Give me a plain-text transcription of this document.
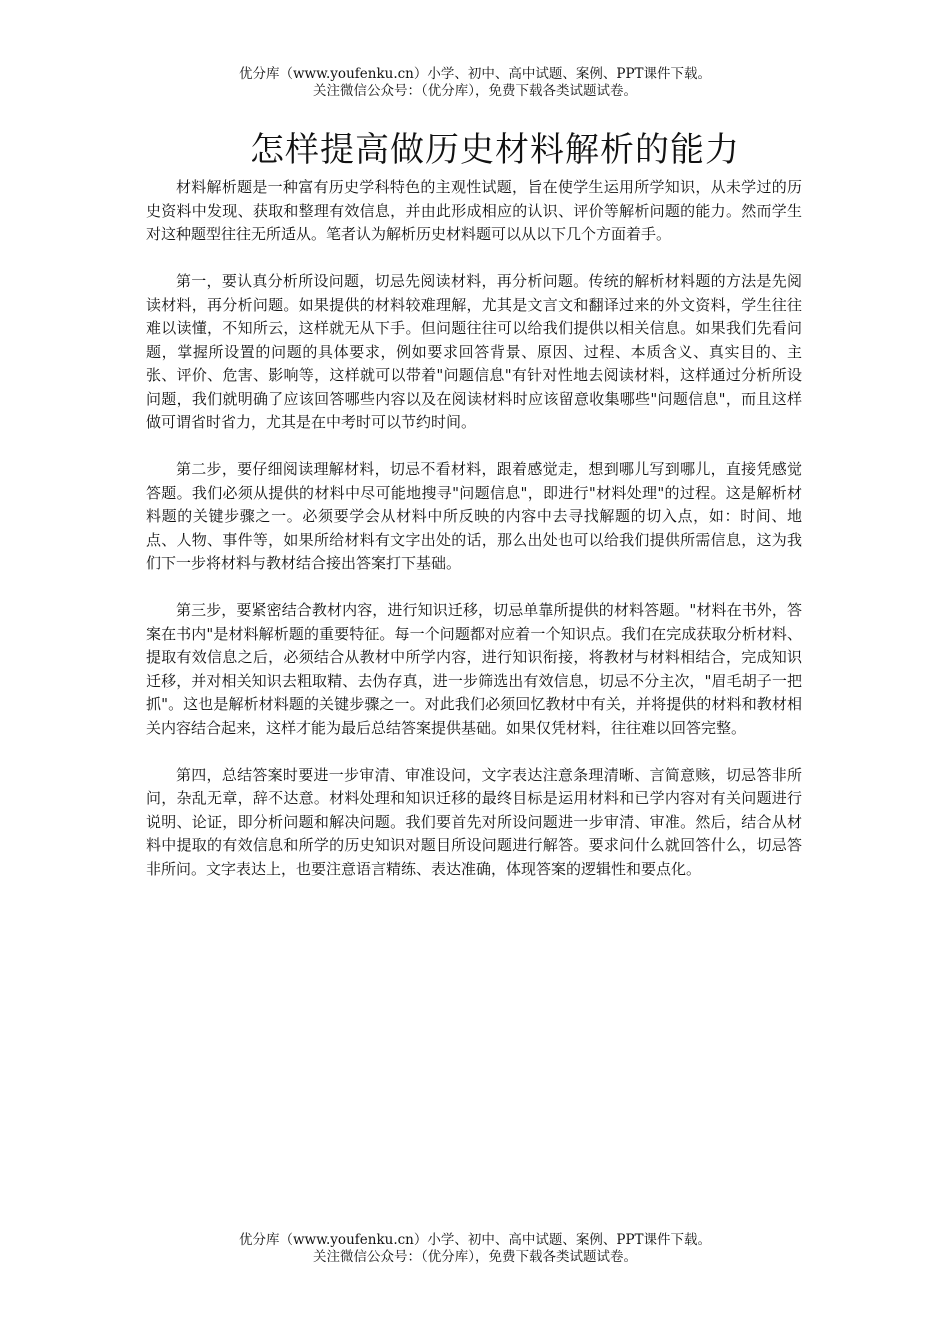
优分库（www.youfenku.cn）小学、初中、高中试题、案例、PPT课件下载。
关注微信公众号：（优分库），免费下载各类试题试卷。
怎样提高做历史材料解析的能力

材料解析题是一种富有历史学科特色的主观性试题，旨在使学生运用所学知识，从未学过的历史资料中发现、获取和整理有效信息，并由此形成相应的认识、评价等解析问题的能力。然而学生对这种题型往往无所适从。笔者认为解析历史材料题可以从以下几个方面着手。

第一，要认真分析所设问题，切忌先阅读材料，再分析问题。传统的解析材料题的方法是先阅读材料，再分析问题。如果提供的材料较难理解，尤其是文言文和翻译过来的外文资料，学生往往难以读懂，不知所云，这样就无从下手。但问题往往可以给我们提供以相关信息。如果我们先看问题，掌握所设置的问题的具体要求，例如要求回答背景、原因、过程、本质含义、真实目的、主张、评价、危害、影响等，这样就可以带着"问题信息"有针对性地去阅读材料，这样通过分析所设问题，我们就明确了应该回答哪些内容以及在阅读材料时应该留意收集哪些"问题信息"，而且这样做可谓省时省力，尤其是在中考时可以节约时间。

第二步，要仔细阅读理解材料，切忌不看材料，跟着感觉走，想到哪儿写到哪儿，直接凭感觉答题。我们必须从提供的材料中尽可能地搜寻"问题信息"，即进行"材料处理"的过程。这是解析材料题的关键步骤之一。必须要学会从材料中所反映的内容中去寻找解题的切入点，如：时间、地点、人物、事件等，如果所给材料有文字出处的话，那么出处也可以给我们提供所需信息，这为我们下一步将材料与教材结合接出答案打下基础。

第三步，要紧密结合教材内容，进行知识迁移，切忌单靠所提供的材料答题。"材料在书外，答案在书内"是材料解析题的重要特征。每一个问题都对应着一个知识点。我们在完成获取分析材料、提取有效信息之后，必须结合从教材中所学内容，进行知识衔接，将教材与材料相结合，完成知识迁移，并对相关知识去粗取精、去伪存真，进一步筛选出有效信息，切忌不分主次，"眉毛胡子一把抓"。这也是解析材料题的关键步骤之一。对此我们必须回忆教材中有关，并将提供的材料和教材相关内容结合起来，这样才能为最后总结答案提供基础。如果仅凭材料，往往难以回答完整。

第四，总结答案时要进一步审清、审准设问，文字表达注意条理清晰、言简意赅，切忌答非所问，杂乱无章，辞不达意。材料处理和知识迁移的最终目标是运用材料和已学内容对有关问题进行说明、论证，即分析问题和解决问题。我们要首先对所设问题进一步审清、审准。然后，结合从材料中提取的有效信息和所学的历史知识对题目所设问题进行解答。要求问什么就回答什么，切忌答非所问。文字表达上，也要注意语言精练、表达准确，体现答案的逻辑性和要点化。

优分库（www.youfenku.cn）小学、初中、高中试题、案例、PPT课件下载。
关注微信公众号：（优分库），免费下载各类试题试卷。
